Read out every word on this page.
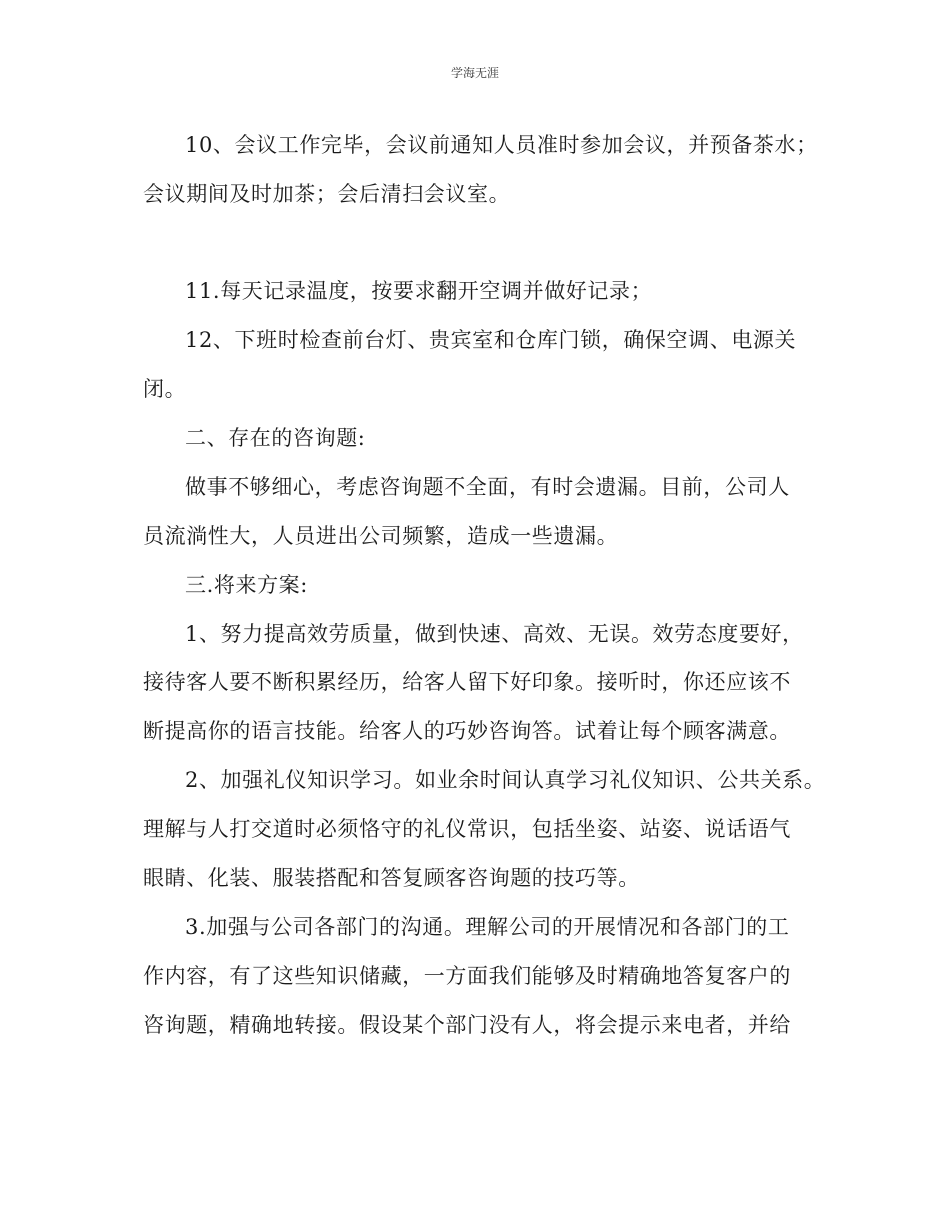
学海无涯
10、会议工作完毕，会议前通知人员准时参加会议，并预备茶水；
会议期间及时加茶；会后清扫会议室。
11.每天记录温度，按要求翻开空调并做好记录；
12、下班时检查前台灯、贵宾室和仓库门锁，确保空调、电源关
闭。
二、存在的咨询题:
做事不够细心，考虑咨询题不全面，有时会遗漏。目前，公司人
员流淌性大，人员进出公司频繁，造成一些遗漏。
三.将来方案:
1、努力提高效劳质量，做到快速、高效、无误。效劳态度要好，
接待客人要不断积累经历，给客人留下好印象。接听时，你还应该不
断提高你的语言技能。给客人的巧妙咨询答。试着让每个顾客满意。
2、加强礼仪知识学习。如业余时间认真学习礼仪知识、公共关系。
理解与人打交道时必须恪守的礼仪常识，包括坐姿、站姿、说话语气
眼睛、化装、服装搭配和答复顾客咨询题的技巧等。
3.加强与公司各部门的沟通。理解公司的开展情况和各部门的工
作内容，有了这些知识储藏，一方面我们能够及时精确地答复客户的
咨询题，精确地转接。假设某个部门没有人，将会提示来电者，并给
